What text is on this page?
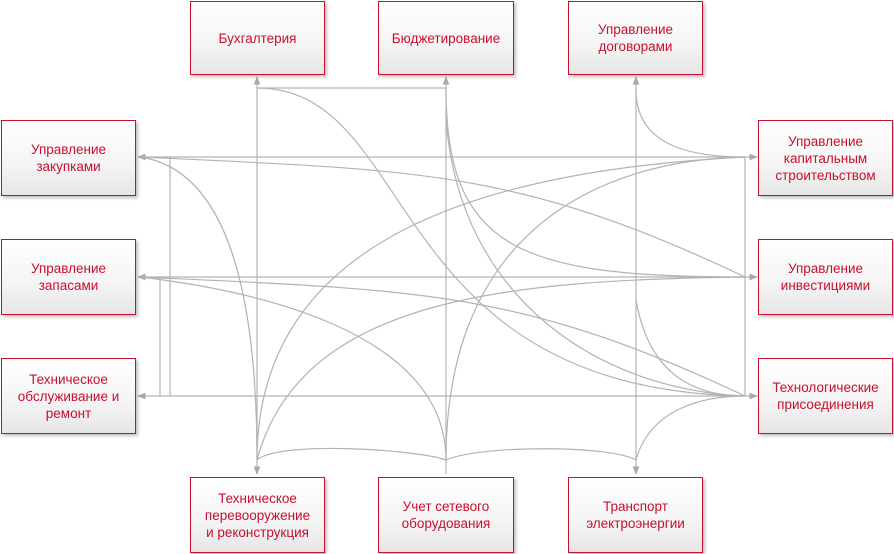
Бухгалтерия	Бюджетирование
Управление
договорами
Управление
закупками
Управление
запасами
Техническое
обслуживание и
ремонт
Управление
капитальным
строительством
Управление
инвестициями
Технологические
присоединения
Техническое
перевооружение
и реконструкция
Учет сетевого
оборудования
Транспорт
электроэнергии
